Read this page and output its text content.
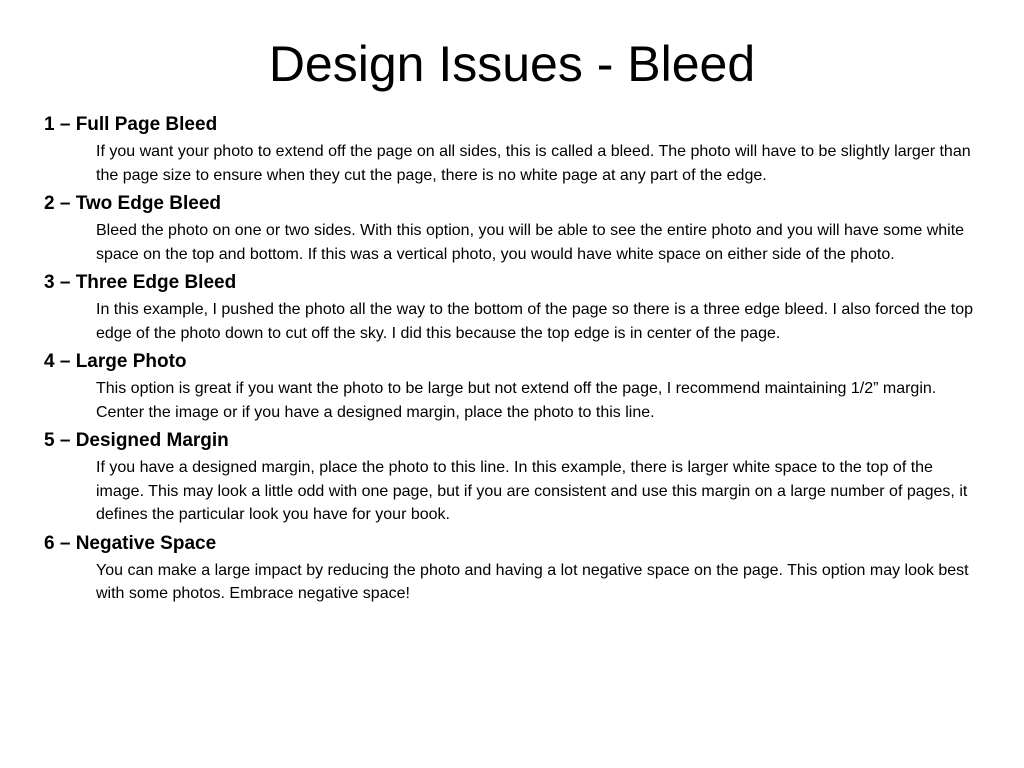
Design Issues - Bleed
1 – Full Page Bleed
If you want your photo to extend off the page on all sides, this is called a bleed. The photo will have to be slightly larger than the page size to ensure when they cut the page, there is no white page at any part of the edge.
2 – Two Edge Bleed
Bleed the photo on one or two sides. With this option, you will be able to see the entire photo and you will have some white space on the top and bottom. If this was a vertical photo, you would have white space on either side of the photo.
3 – Three Edge Bleed
In this example, I pushed the photo all the way to the bottom of the page so there is a three edge bleed. I also forced the top edge of the photo down to cut off the sky. I did this because the top edge is in center of the page.
4 – Large Photo
This option is great if you want the photo to be large but not extend off the page, I recommend maintaining 1/2” margin. Center the image or if you have a designed margin, place the photo to this line.
5 – Designed Margin
If you have a designed margin, place the photo to this line. In this example, there is larger white space to the top of the image. This may look a little odd with one page, but if you are consistent and use this margin on a large number of pages, it defines the particular look you have for your book.
6 – Negative Space
You can make a large impact by reducing the photo and having a lot negative space on the page. This option may look best with some photos. Embrace negative space!
